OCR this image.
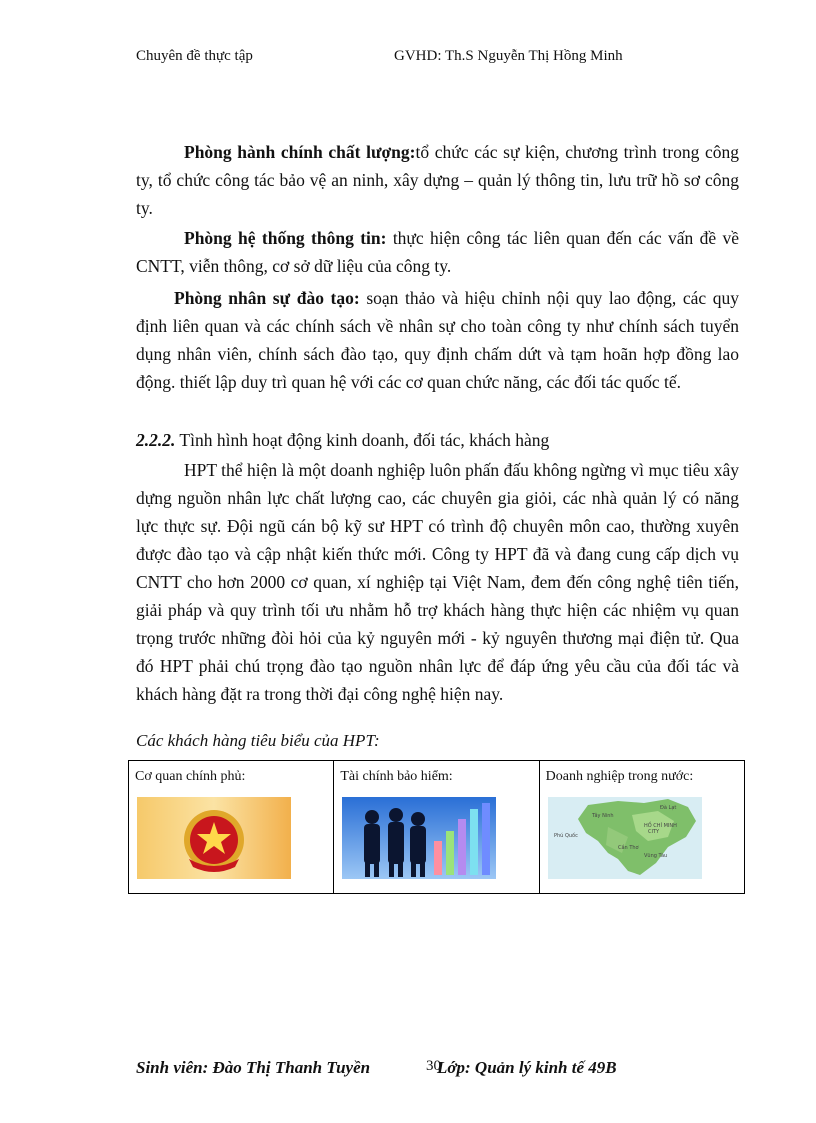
Chuyên đề thực tập	GVHD: Th.S Nguyễn Thị Hồng Minh

Phòng hành chính chất lượng:tổ chức các sự kiện, chương trình trong công ty, tổ chức công tác bảo vệ an ninh, xây dựng – quản lý thông tin, lưu trữ hồ sơ công ty.

Phòng hệ thống thông tin: thực hiện công tác liên quan đến các vấn đề về CNTT, viễn thông, cơ sở dữ liệu của công ty.

Phòng nhân sự đào tạo: soạn thảo và hiệu chỉnh nội quy lao động, các quy định liên quan và các chính sách về nhân sự cho toàn công ty như chính sách tuyển dụng nhân viên, chính sách đào tạo, quy định chấm dứt và tạm hoãn hợp đồng lao động. thiết lập duy trì quan hệ với các cơ quan chức năng, các đối tác quốc tế.

2.2.2. Tình hình hoạt động kinh doanh, đối tác, khách hàng

HPT thể hiện là một doanh nghiệp luôn phấn đấu không ngừng vì mục tiêu xây dựng nguồn nhân lực chất lượng cao, các chuyên gia giỏi, các nhà quản lý có năng lực thực sự. Đội ngũ cán bộ kỹ sư HPT có trình độ chuyên môn cao, thường xuyên được đào tạo và cập nhật kiến thức mới. Công ty HPT đã và đang cung cấp dịch vụ CNTT cho hơn 2000 cơ quan, xí nghiệp tại Việt Nam, đem đến công nghệ tiên tiến, giải pháp và quy trình tối ưu nhằm hỗ trợ khách hàng thực hiện các nhiệm vụ quan trọng trước những đòi hỏi của kỷ nguyên mới - kỷ nguyên thương mại điện tử. Qua đó HPT phải chú trọng đào tạo nguồn nhân lực để đáp ứng yêu cầu của đối tác và khách hàng đặt ra trong thời đại công nghệ hiện nay.

Các khách hàng tiêu biểu của HPT:
Cơ quan chính phủ:	Tài chính bảo hiểm:	Doanh nghiệp trong nước:
Đà Lạt
HỒ CHÍ MINH
CITY
Tây Ninh
Phú Quốc
Cần Thơ
Vũng Tàu
Sinh viên: Đào Thị Thanh Tuyền	30
Lớp: Quản lý kinh tế 49B
